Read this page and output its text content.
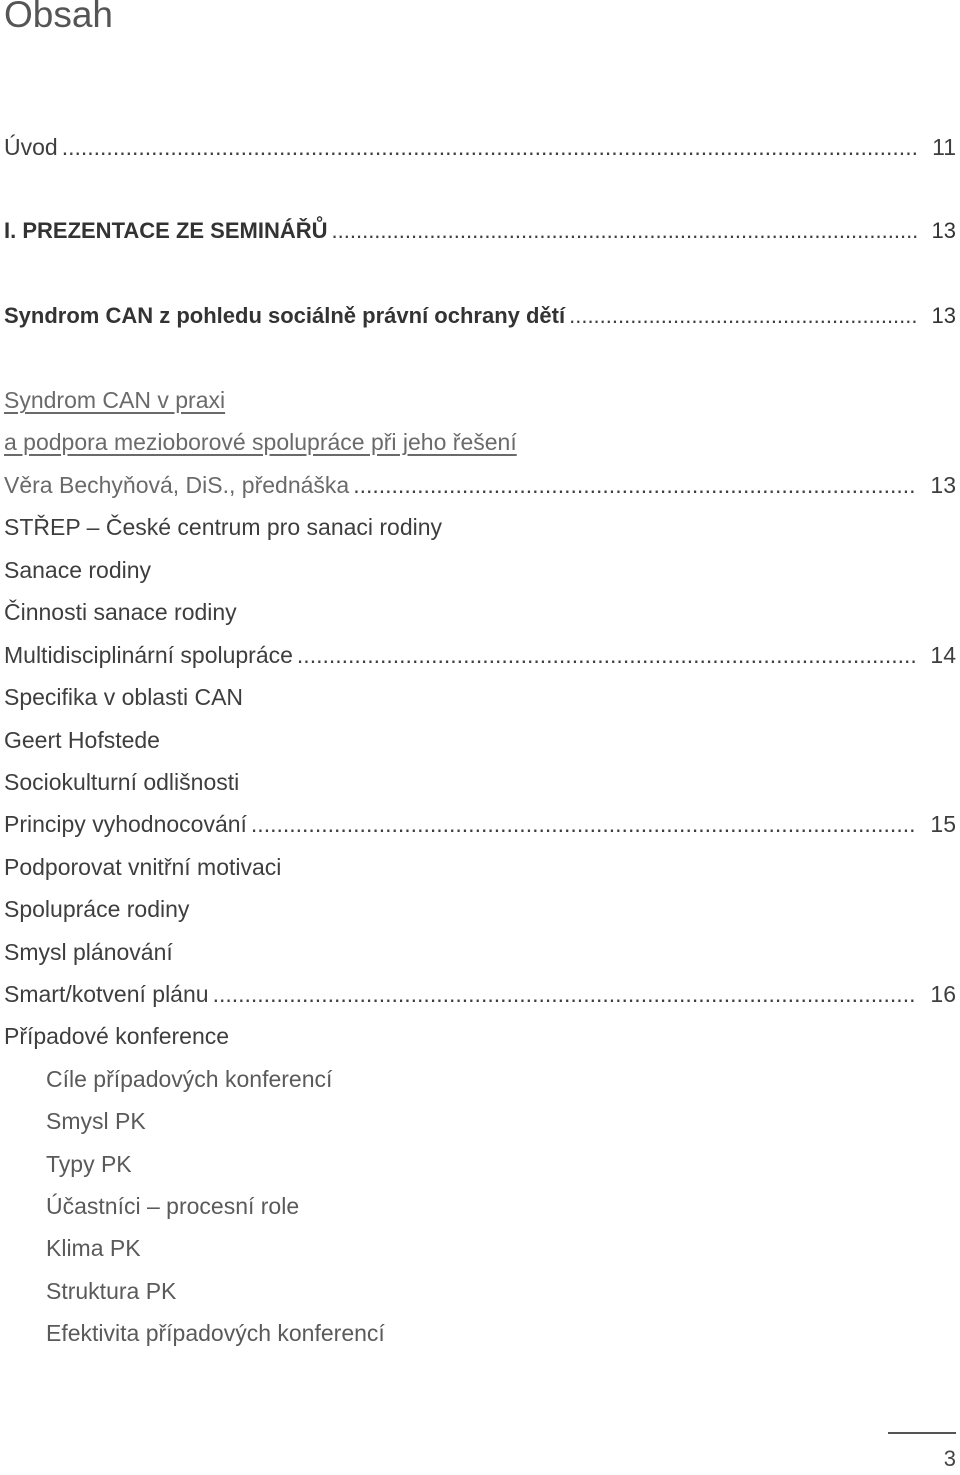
Obsah
Úvod .....	11
I. PREZENTACE ZE SEMINÁŘŮ .....	13
Syndrom CAN z pohledu sociálně právní ochrany dětí .....	13
Syndrom CAN v praxi
a podpora mezioborové spolupráce při jeho řešení
Věra Bechyňová, DiS., přednáška .....	13
STŘEP – České centrum pro sanaci rodiny
Sanace rodiny
Činnosti sanace rodiny
Multidisciplinární spolupráce .....	14
Specifika v oblasti CAN
Geert Hofstede
Sociokulturní odlišnosti
Principy vyhodnocování .....	15
Podporovat vnitřní motivaci
Spolupráce rodiny
Smysl plánování
Smart/kotvení plánu .....	16
Případové konference
Cíle případových konferencí
Smysl PK
Typy PK
Účastníci – procesní role
Klima PK
Struktura PK
Efektivita případových konferencí
3
